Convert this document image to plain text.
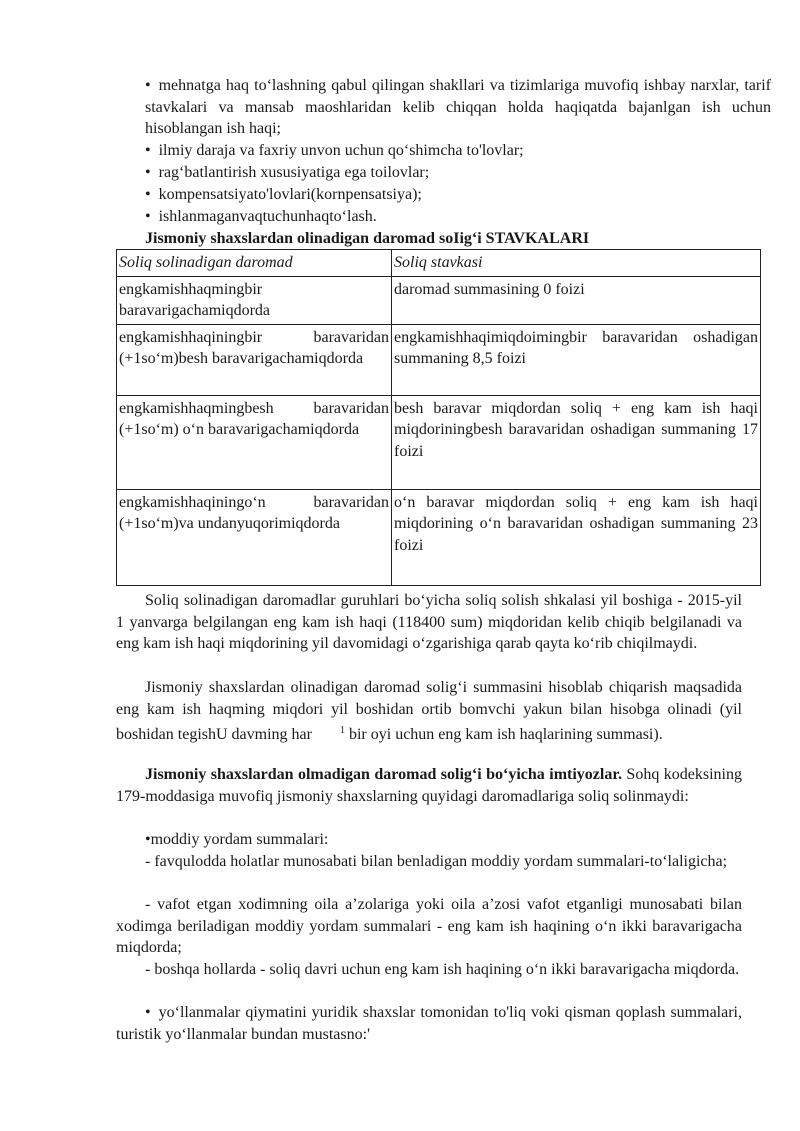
• mehnatga haq to‘lashning qabul qilingan shakllari va tizimlariga muvofiq ishbay narxlar, tarif stavkalari va mansab maoshlaridan kelib chiqqan holda haqiqatda bajanlgan ish uchun hisoblangan ish haqi;

• ilmiy daraja va faxriy unvon uchun qo‘shimcha to'lovlar;

• rag‘batlantirish xususiyatiga ega toilovlar;

• kompensatsiyato'lovlari(kornpensatsiya);

• ishlanmaganvaqtuchunhaqto‘lash.

Jismoniy shaxslardan olinadigan daromad soIig‘i STAVKALARI

Soliq solinadigan daromad	Soliq stavkasi
engkamishhaqmingbir baravarigachamiqdorda	daromad summasining 0 foizi
engkamishhaqiningbir baravaridan (+1so‘m)besh baravarigachamiqdorda	engkamishhaqimiqdoimingbir baravaridan oshadigan summaning 8,5 foizi
engkamishhaqmingbesh baravaridan (+1so‘m) o‘n baravarigachamiqdorda	besh baravar miqdordan soliq + eng kam ish haqi miqdoriningbesh baravaridan oshadigan summaning 17 foizi
engkamishhaqiningo‘n baravaridan (+1so‘m)va undanyuqorimiqdorda	o‘n baravar miqdordan soliq + eng kam ish haqi miqdorining o‘n baravaridan oshadigan summaning 23 foizi

Soliq solinadigan daromadlar guruhlari bo‘yicha soliq solish shkalasi yil boshiga - 2015-yil 1 yanvarga belgilangan eng kam ish haqi (118400 sum) miqdoridan kelib chiqib belgilanadi va eng kam ish haqi miqdorining yil davomidagi o‘zgarishiga qarab qayta ko‘rib chiqilmaydi.

Jismoniy shaxslardan olinadigan daromad solig‘i summasini hisoblab chiqarish maqsadida eng kam ish haqming miqdori yil boshidan ortib bomvchi yakun bilan hisobga olinadi (yil boshidan tegishU davming har	$^1$ bir oyi uchun eng kam ish haqlarining summasi).

Jismoniy shaxslardan olmadigan daromad solig‘i bo‘yicha imtiyozlar. Sohq kodeksining 179-moddasiga muvofiq jismoniy shaxslarning quyidagi daromadlariga soliq solinmaydi:

•moddiy yordam summalari:

- favqulodda holatlar munosabati bilan benladigan moddiy yordam summalari-to‘laligicha;

- vafot etgan xodimning oila a’zolariga yoki oila a’zosi vafot etganligi munosabati bilan xodimga beriladigan moddiy yordam summalari - eng kam ish haqining o‘n ikki baravarigacha miqdorda;

- boshqa hollarda - soliq davri uchun eng kam ish haqining o‘n ikki baravarigacha miqdorda.

• yo‘llanmalar qiymatini yuridik shaxslar tomonidan to'liq voki qisman qoplash summalari, turistik yo‘llanmalar bundan mustasno:'
